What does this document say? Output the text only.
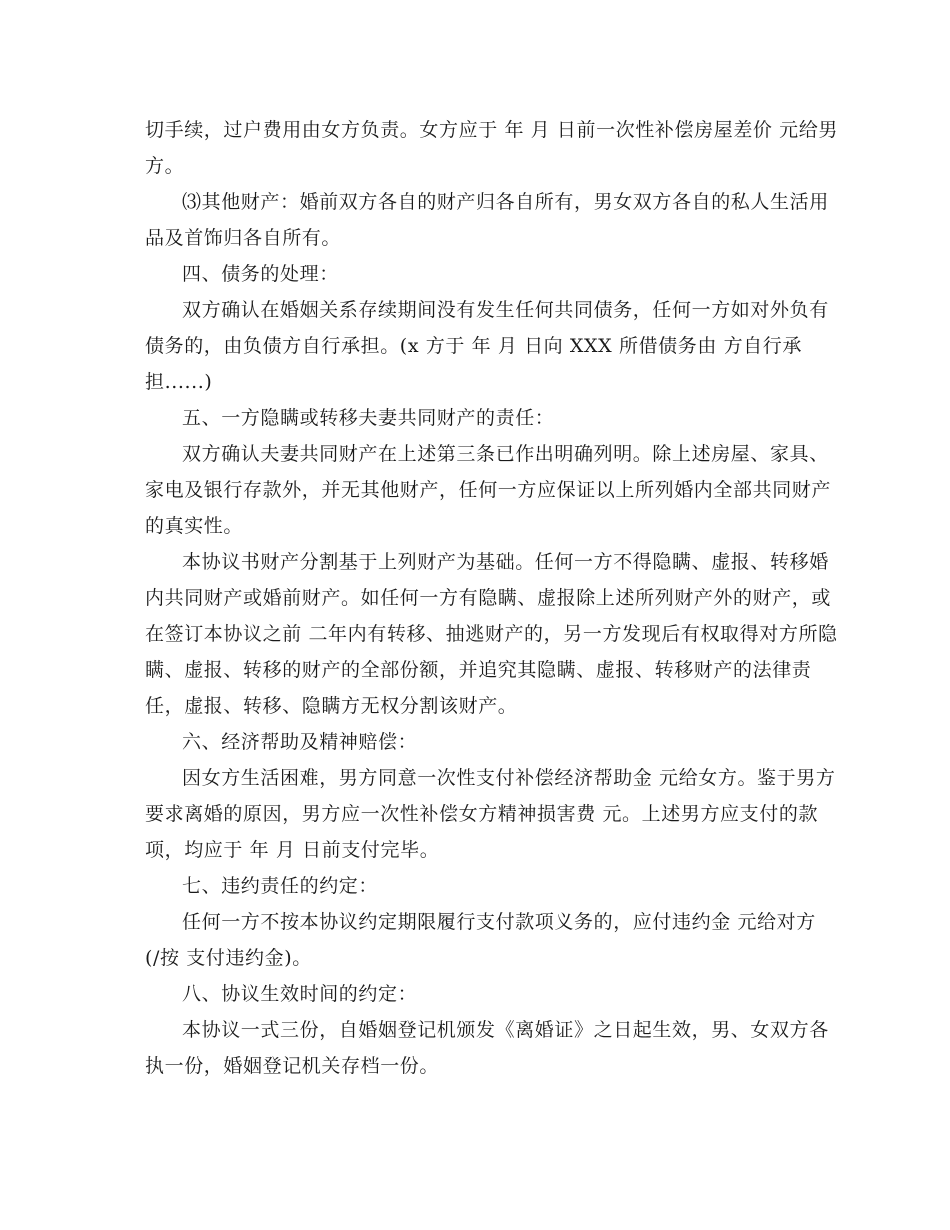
切手续，过户费用由女方负责。女方应于 年 月 日前一次性补偿房屋差价 元给男
方。
⑶其他财产：婚前双方各自的财产归各自所有，男女双方各自的私人生活用
品及首饰归各自所有。
四、债务的处理：
双方确认在婚姻关系存续期间没有发生任何共同债务，任何一方如对外负有
债务的，由负债方自行承担。(x 方于 年 月 日向 XXX 所借债务由 方自行承
担......)
五、一方隐瞒或转移夫妻共同财产的责任：
双方确认夫妻共同财产在上述第三条已作出明确列明。除上述房屋、家具、
家电及银行存款外，并无其他财产，任何一方应保证以上所列婚内全部共同财产
的真实性。
本协议书财产分割基于上列财产为基础。任何一方不得隐瞒、虚报、转移婚
内共同财产或婚前财产。如任何一方有隐瞒、虚报除上述所列财产外的财产，或
在签订本协议之前 二年内有转移、抽逃财产的，另一方发现后有权取得对方所隐
瞒、虚报、转移的财产的全部份额，并追究其隐瞒、虚报、转移财产的法律责
任，虚报、转移、隐瞒方无权分割该财产。
六、经济帮助及精神赔偿：
因女方生活困难，男方同意一次性支付补偿经济帮助金 元给女方。鉴于男方
要求离婚的原因，男方应一次性补偿女方精神损害费 元。上述男方应支付的款
项，均应于 年 月 日前支付完毕。
七、违约责任的约定：
任何一方不按本协议约定期限履行支付款项义务的，应付违约金 元给对方
(/按 支付违约金)。
八、协议生效时间的约定：
本协议一式三份，自婚姻登记机颁发《离婚证》之日起生效，男、女双方各
执一份，婚姻登记机关存档一份。
